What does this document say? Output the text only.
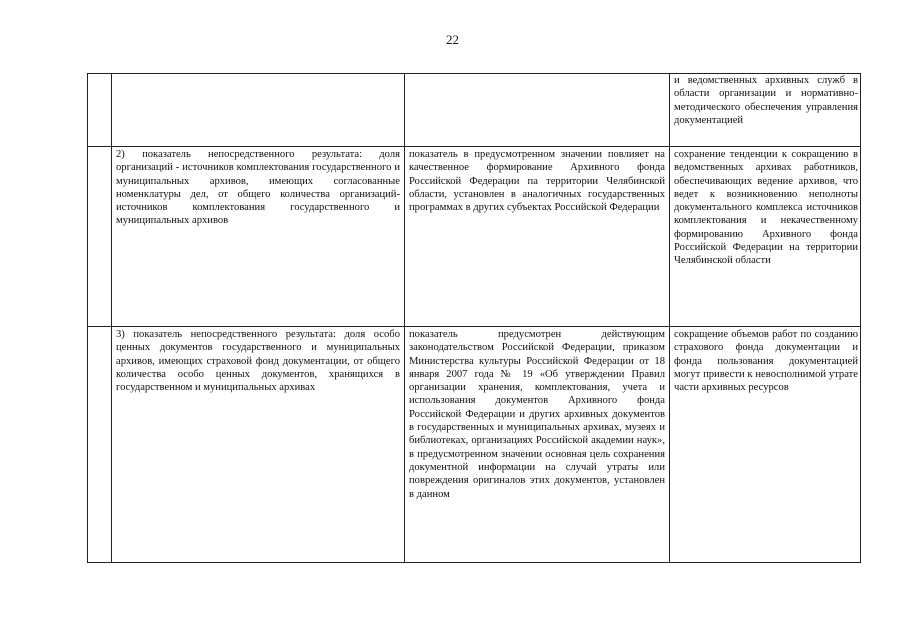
22
и ведомственных архивных служб в области организации и нормативно-методического обеспечения управления документацией
2) показатель непосредственного результата: доля организаций - источников комплектования государственного и муниципальных архивов, имеющих согласованные номенклатуры дел, от общего количества организаций-источников комплектования государственного и муниципальных архивов
показатель в предусмотренном значении повлияет на качественное формирование Архивного фонда Российской Федерации па территории Челябинской области, установлен в аналогичных государственных программах в других субъектах Российской Федерации
сохранение тенденции к сокращению в ведомственных архивах работников, обеспечивающих ведение архивов, что ведет к возникновению неполноты документального комплекса источников комплектования и некачественному формированию Архивного фонда Российской Федерации на территории Челябинской области
3) показатель непосредственного результата: доля особо ценных документов государственного и муниципальных архивов, имеющих страховой фонд документации, от общего количества особо ценных документов, хранящихся в государственном и муниципальных архивах
показатель предусмотрен действующим законодательством Российской Федерации, приказом Министерства культуры Российской Федерации от 18 января 2007 года № 19 «Об утверждении Правил организации хранения, комплектования, учета и использования документов Архивного фонда Российской Федерации и других архивных документов в государственных и муниципальных архивах, музеях и библиотеках, организациях Российской академии наук», в предусмотренном значении основная цель сохранения документной информации на случай утраты или повреждения оригиналов этих документов, установлен в данном
сокращение объемов работ по созданию страхового фонда документации и фонда пользования документацией могут привести к невосполнимой утрате части архивных ресурсов
